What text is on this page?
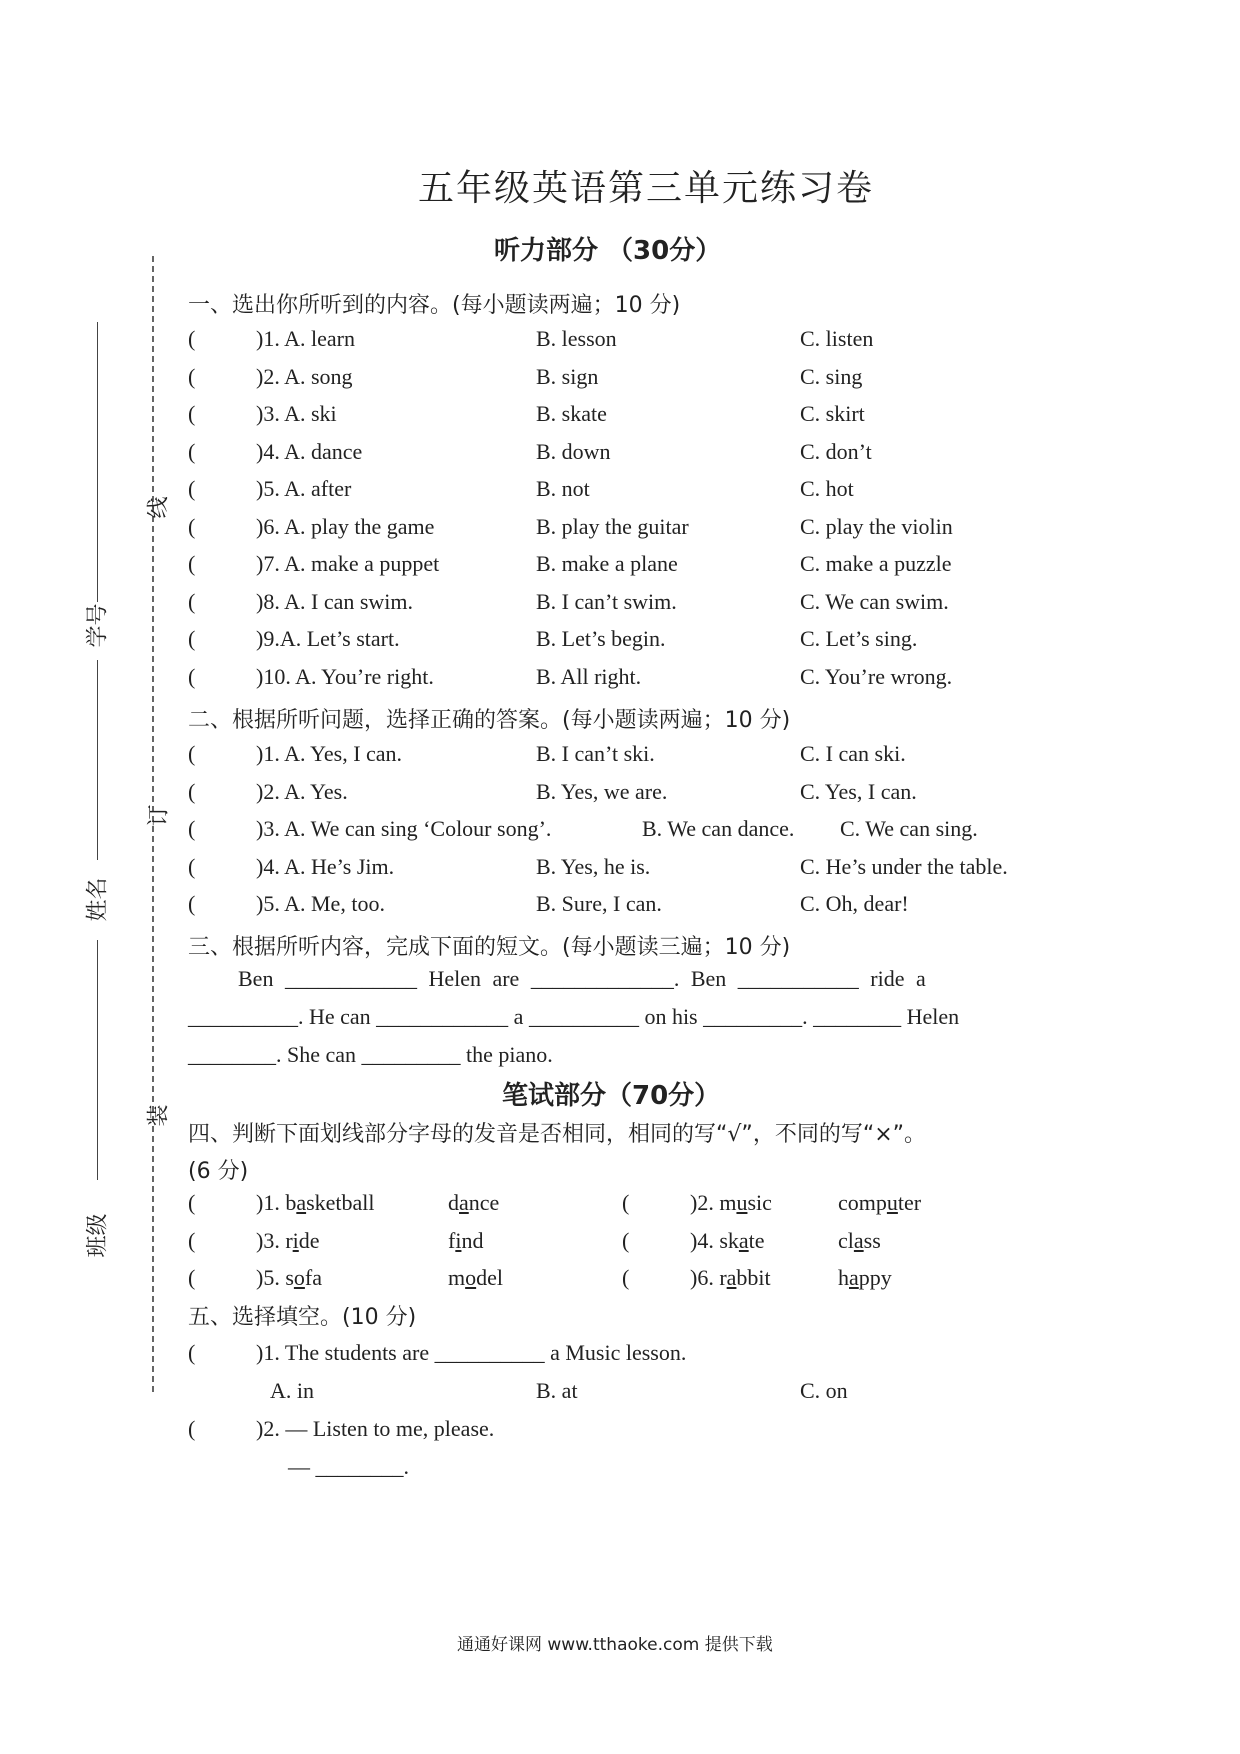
线
订
装
学号
姓名
班级
五年级英语第三单元练习卷
听力部分 （30分）
一、选出你所听到的内容。(每小题读两遍；10 分)
二、根据所听问题，选择正确的答案。(每小题读两遍；10 分)
三、根据所听内容，完成下面的短文。(每小题读三遍；10 分)
Ben ____________ Helen are _____________. Ben ___________ ride a
__________. He can ____________ a __________ on his _________. ________ Helen
________. She can _________ the piano.
笔试部分（70分）
四、判断下面划线部分字母的发音是否相同，相同的写“√”，不同的写“×”。
(6 分)
五、选择填空。(10 分)
(	)1. The students are __________ a Music lesson.
A. in	B. at	C. on
(	)2. — Listen to me, please.
— ________.
通通好课网 www.tthaoke.com 提供下载
(	)1. A. learn	B. lesson	C. listen
(	)2. A. song	B. sign	C. sing
(	)3. A. ski	B. skate	C. skirt
(	)4. A. dance	B. down	C. don’t
(	)5. A. after	B. not	C. hot
(	)6. A. play the game	B. play the guitar	C. play the violin
(	)7. A. make a puppet	B. make a plane	C. make a puzzle
(	)8. A. I can swim.	B. I can’t swim.	C. We can swim.
(	)9.A. Let’s start.	B. Let’s begin.	C. Let’s sing.
(	)10. A. You’re right.	B. All right.	C. You’re wrong.
(	)1. A. Yes, I can.	B. I can’t ski.	C. I can ski.
(	)2. A. Yes.	B. Yes, we are.	C. Yes, I can.
(	)3. A. We can sing ‘Colour song’.	B. We can dance. C. We can sing.
(	)4. A. He’s Jim.	B. Yes, he is.	C. He’s under the table.
(	)5. A. Me, too.	B. Sure, I can.	C. Oh, dear!
(	)1. basketball	dance	(	)2. music	computer
(	)3. ride	find	(	)4. skate	class
(	)5. sofa	model	(	)6. rabbit	happy
